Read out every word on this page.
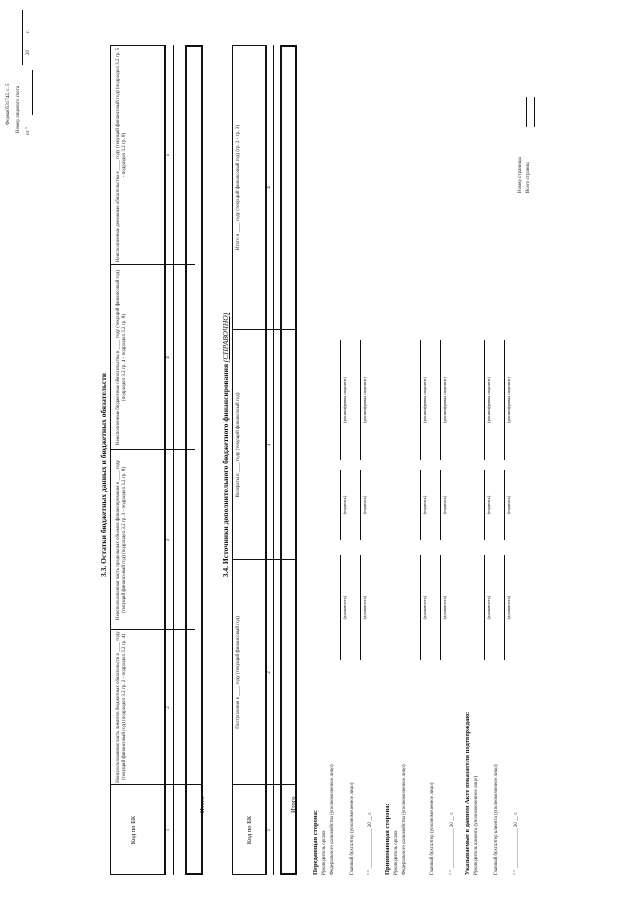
Форма0531742, с. 5 Номер лицевого счета от "
20
г.
3.3. Остатки бюджетных данных и бюджетных обязательств
Код по БК
Неиспользованная часть лимитов бюджетных обязательств в ____ году (текущий финансовый год) (подраздел 3.2 гр. 2 - подраздел 3.2 гр. 4)
Неиспользованная часть предельных объемов финансирования в ____ году (текущий финансовый год) (подраздел 3.2 гр. 3 - подраздел 3.2 гр. 8)
Неисполненные бюджетные обязательства в ____ году (текущий финансовый год) (подраздел 3.2 гр. 4 - подраздел 3.2 гр. 8)
Неисполненные денежные обязательства в ____ году (текущий финансовый год) (подраздел 3.2 гр. 5 - подраздел 3.2 гр. 8)
1
2
3
4
5
Итого
3.4. Источники дополнительного бюджетного финансирования (СПРАВОЧНО)
Код по БК
Поступления в ____ году (текущий финансовый год)
Возвраты в ____ году (текущий финансовый год)
Итого в ____ году (текущий финансовый год) (гр. 2 - гр. 3)
1
2
3
4
Итого
Передающая сторона: Руководитель органа Федерального казначейства (уполномоченное лицо)
(должность)
(подпись)
(расшифровка подписи)
Главный бухгалтер (уполномоченное лицо)
(должность)
(подпись)
(расшифровка подписи)
" " ________________ 20 __ г. Принимающая сторона: Руководитель органа Федерального казначейства (уполномоченное лицо)
(должность)
(подпись)
(расшифровка подписи)
Главный бухгалтер (уполномоченное лицо)
(должность)
(подпись)
(расшифровка подписи)
" " ________________ 20 __ г. Указываемые в данном Акте показатели подтверждаю: Руководитель клиента (уполномоченное лицо)
(должность)
(подпись)
(расшифровка подписи)
Главный бухгалтер клиента (уполномоченное лицо)
(должность)
(подпись)
(расшифровка подписи)
" " ________________ 20 __ г.
Номер страницы Всего страниц
